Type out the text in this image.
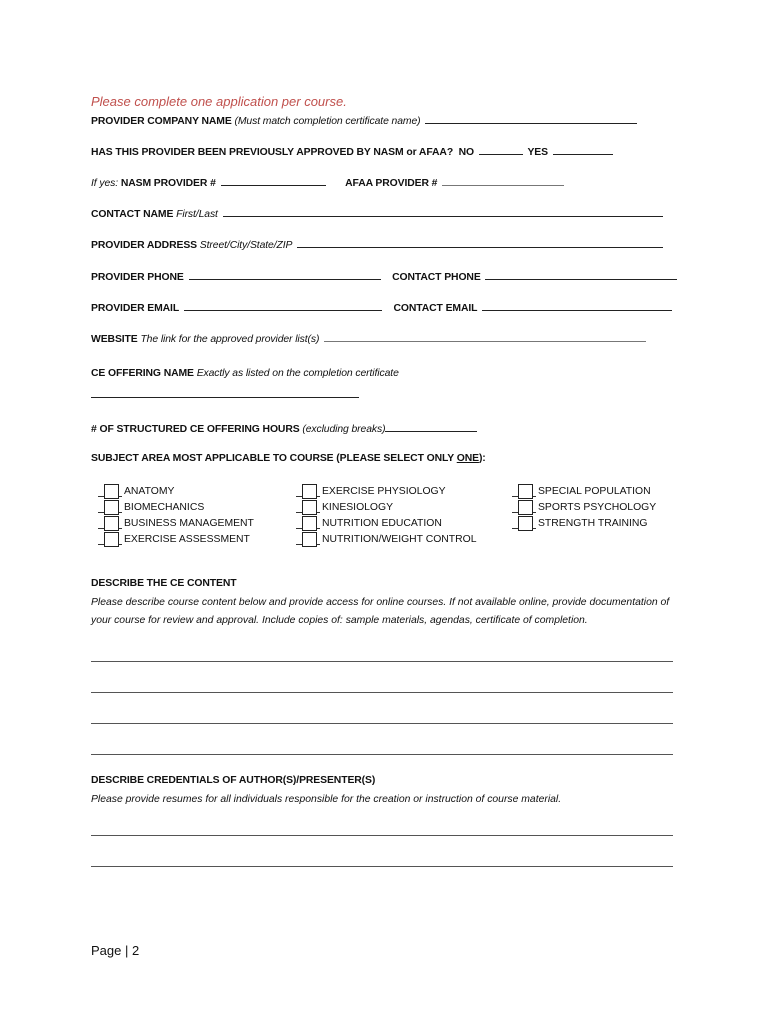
Please complete one application per course.
PROVIDER COMPANY NAME (Must match completion certificate name)
HAS THIS PROVIDER BEEN PREVIOUSLY APPROVED BY NASM or AFAA? NO	YES
If yes: NASM PROVIDER #	AFAA PROVIDER #
CONTACT NAME First/Last
PROVIDER ADDRESS Street/City/State/ZIP
PROVIDER PHONE	CONTACT PHONE
PROVIDER EMAIL	CONTACT EMAIL
WEBSITE The link for the approved provider list(s)
CE OFFERING NAME Exactly as listed on the completion certificate
# OF STRUCTURED CE OFFERING HOURS (excluding breaks)
SUBJECT AREA MOST APPLICABLE TO COURSE (PLEASE SELECT ONLY ONE):
ANATOMY
BIOMECHANICS
BUSINESS MANAGEMENT
EXERCISE ASSESSMENT
EXERCISE PHYSIOLOGY
KINESIOLOGY
NUTRITION EDUCATION
NUTRITION/WEIGHT CONTROL
SPECIAL POPULATION
SPORTS PSYCHOLOGY
STRENGTH TRAINING
DESCRIBE THE CE CONTENT
Please describe course content below and provide access for online courses. If not available online, provide documentation of your course for review and approval. Include copies of: sample materials, agendas, certificate of completion.
DESCRIBE CREDENTIALS OF AUTHOR(S)/PRESENTER(S)
Please provide resumes for all individuals responsible for the creation or instruction of course material.
Page | 2
